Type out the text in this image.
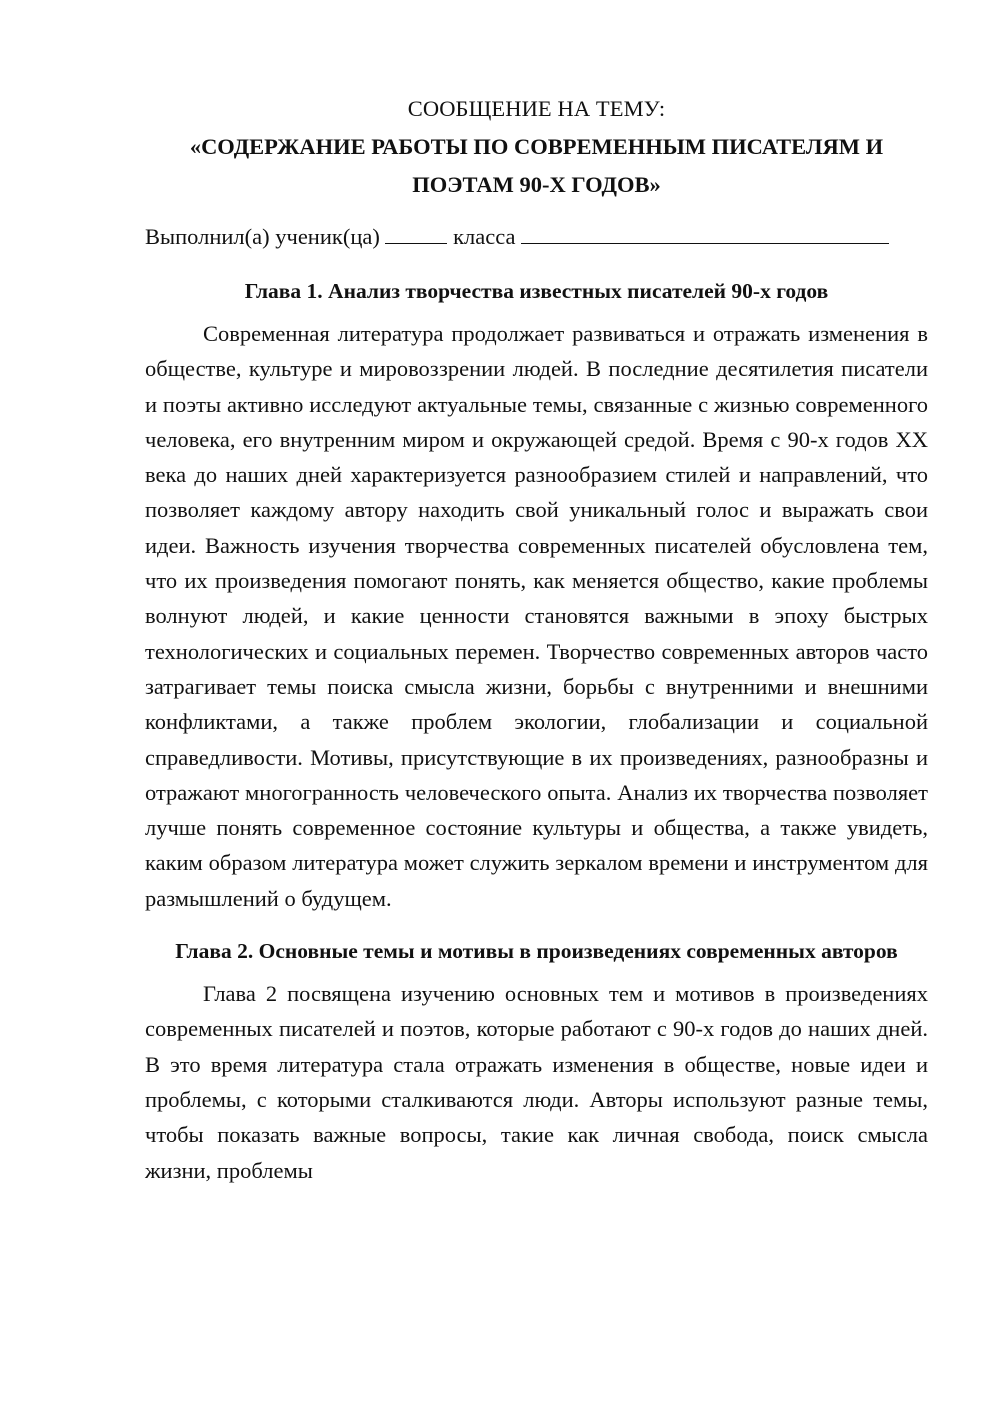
СООБЩЕНИЕ НА ТЕМУ:

«СОДЕРЖАНИЕ РАБОТЫ ПО СОВРЕМЕННЫМ ПИСАТЕЛЯМ И

ПОЭТАМ 90-Х ГОДОВ»

Выполнил(а) ученик(ца)	класса

Глава 1. Анализ творчества известных писателей 90-х годов

Современная литература продолжает развиваться и отражать изменения в обществе, культуре и мировоззрении людей. В последние десятилетия писатели и поэты активно исследуют актуальные темы, связанные с жизнью современного человека, его внутренним миром и окружающей средой. Время с 90-х годов XX века до наших дней характеризуется разнообразием стилей и направлений, что позволяет каждому автору находить свой уникальный голос и выражать свои идеи. Важность изучения творчества современных писателей обусловлена тем, что их произведения помогают понять, как меняется общество, какие проблемы волнуют людей, и какие ценности становятся важными в эпоху быстрых технологических и социальных перемен. Творчество современных авторов часто затрагивает темы поиска смысла жизни, борьбы с внутренними и внешними конфликтами, а также проблем экологии, глобализации и социальной справедливости. Мотивы, присутствующие в их произведениях, разнообразны и отражают многогранность человеческого опыта. Анализ их творчества позволяет лучше понять современное состояние культуры и общества, а также увидеть, каким образом литература может служить зеркалом времени и инструментом для размышлений о будущем.

Глава 2. Основные темы и мотивы в произведениях современных авторов

Глава 2 посвящена изучению основных тем и мотивов в произведениях современных писателей и поэтов, которые работают с 90-х годов до наших дней. В это время литература стала отражать изменения в обществе, новые идеи и проблемы, с которыми сталкиваются люди. Авторы используют разные темы, чтобы показать важные вопросы, такие как личная свобода, поиск смысла жизни, проблемы
